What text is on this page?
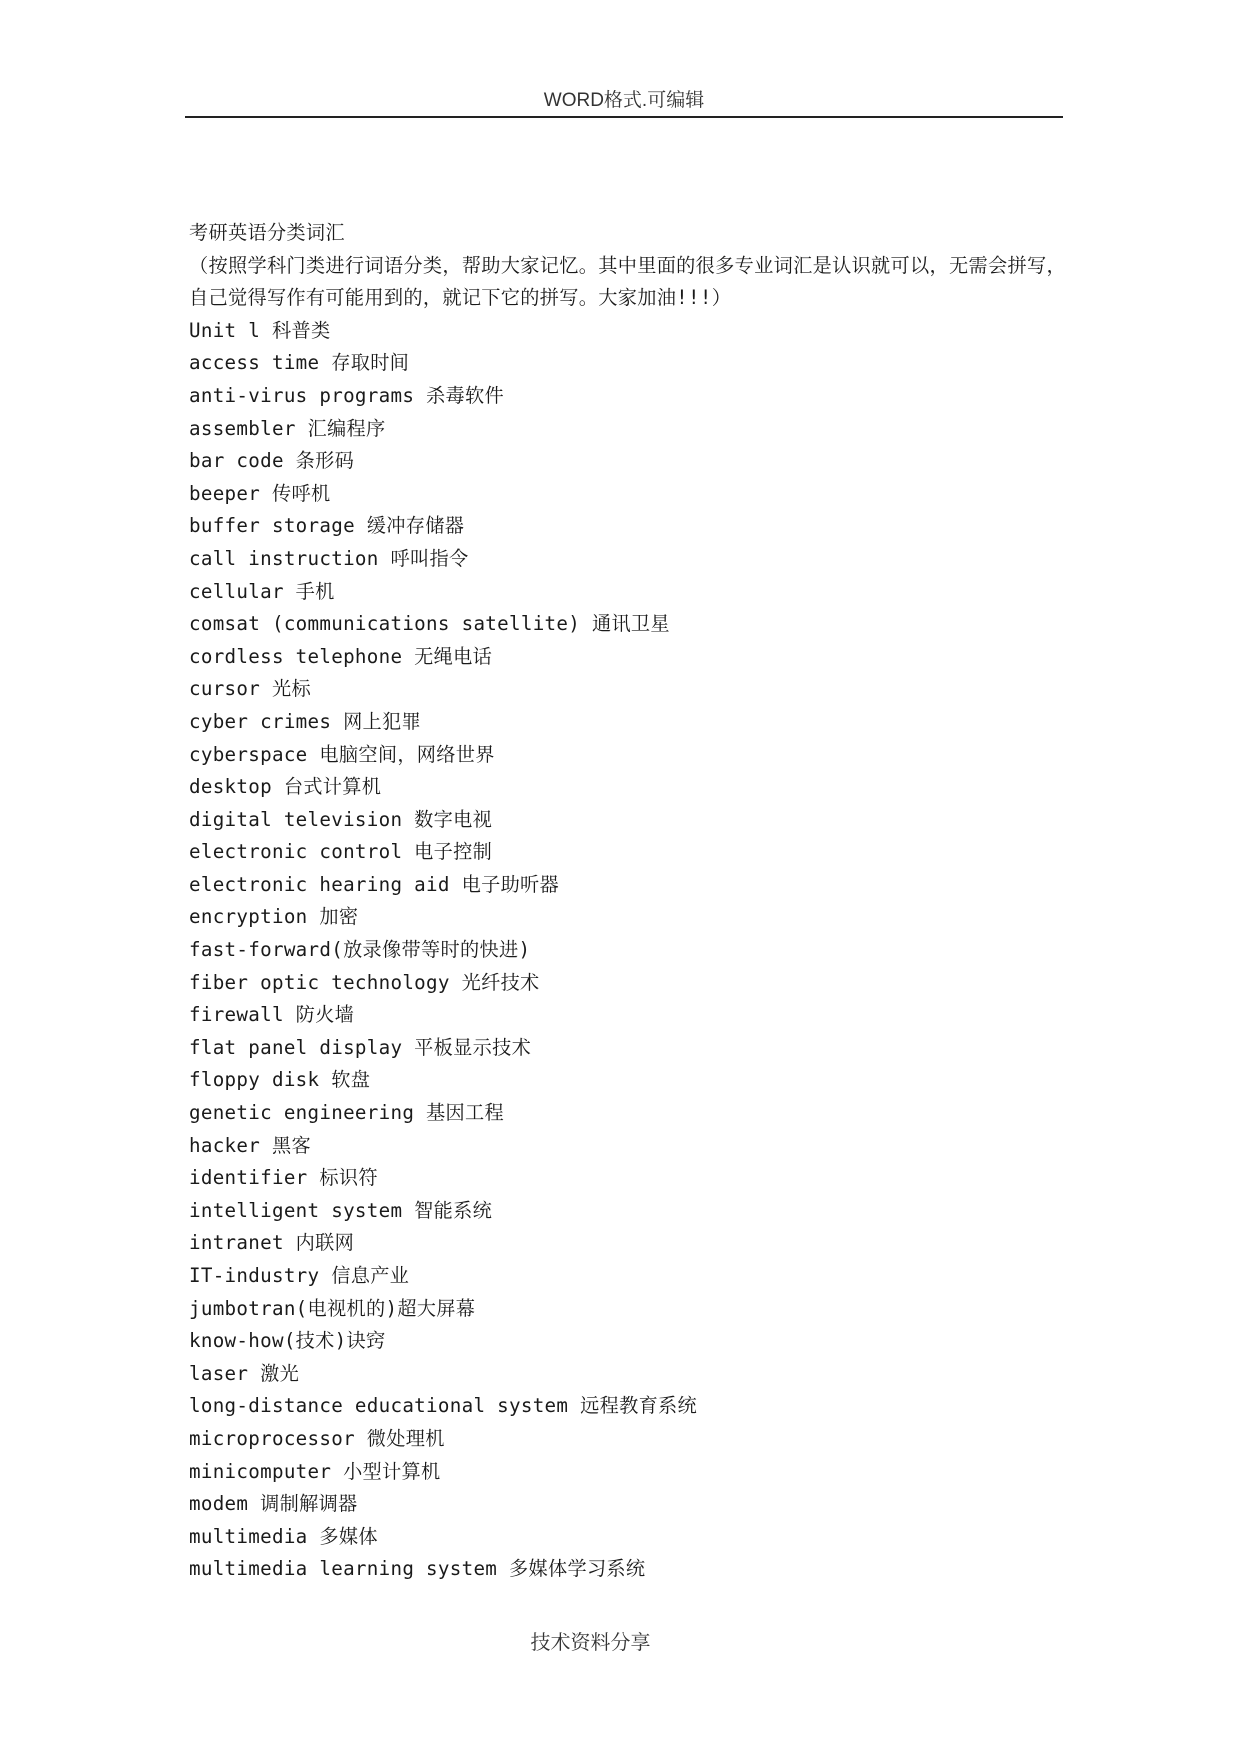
WORD格式.可编辑
考研英语分类词汇
（按照学科门类进行词语分类，帮助大家记忆。其中里面的很多专业词汇是认识就可以，无需会拼写，自己觉得写作有可能用到的，就记下它的拼写。大家加油!!!）
Unit l 科普类
access time 存取时间
anti-virus programs 杀毒软件
assembler 汇编程序
bar code 条形码
beeper 传呼机
buffer storage 缓冲存储器
call instruction 呼叫指令
cellular 手机
comsat (communications satellite) 通讯卫星
cordless telephone 无绳电话
cursor 光标
cyber crimes 网上犯罪
cyberspace 电脑空间，网络世界
desktop 台式计算机
digital television 数字电视
electronic control 电子控制
electronic hearing aid 电子助听器
encryption 加密
fast-forward(放录像带等时的快进)
fiber optic technology 光纤技术
firewall 防火墙
flat panel display 平板显示技术
floppy disk 软盘
genetic engineering 基因工程
hacker 黑客
identifier 标识符
intelligent system 智能系统
intranet 内联网
IT-industry 信息产业
jumbotran(电视机的)超大屏幕
know-how(技术)诀窍
laser 激光
long-distance educational system 远程教育系统
microprocessor 微处理机
minicomputer 小型计算机
modem 调制解调器
multimedia 多媒体
multimedia learning system 多媒体学习系统
技术资料分享
